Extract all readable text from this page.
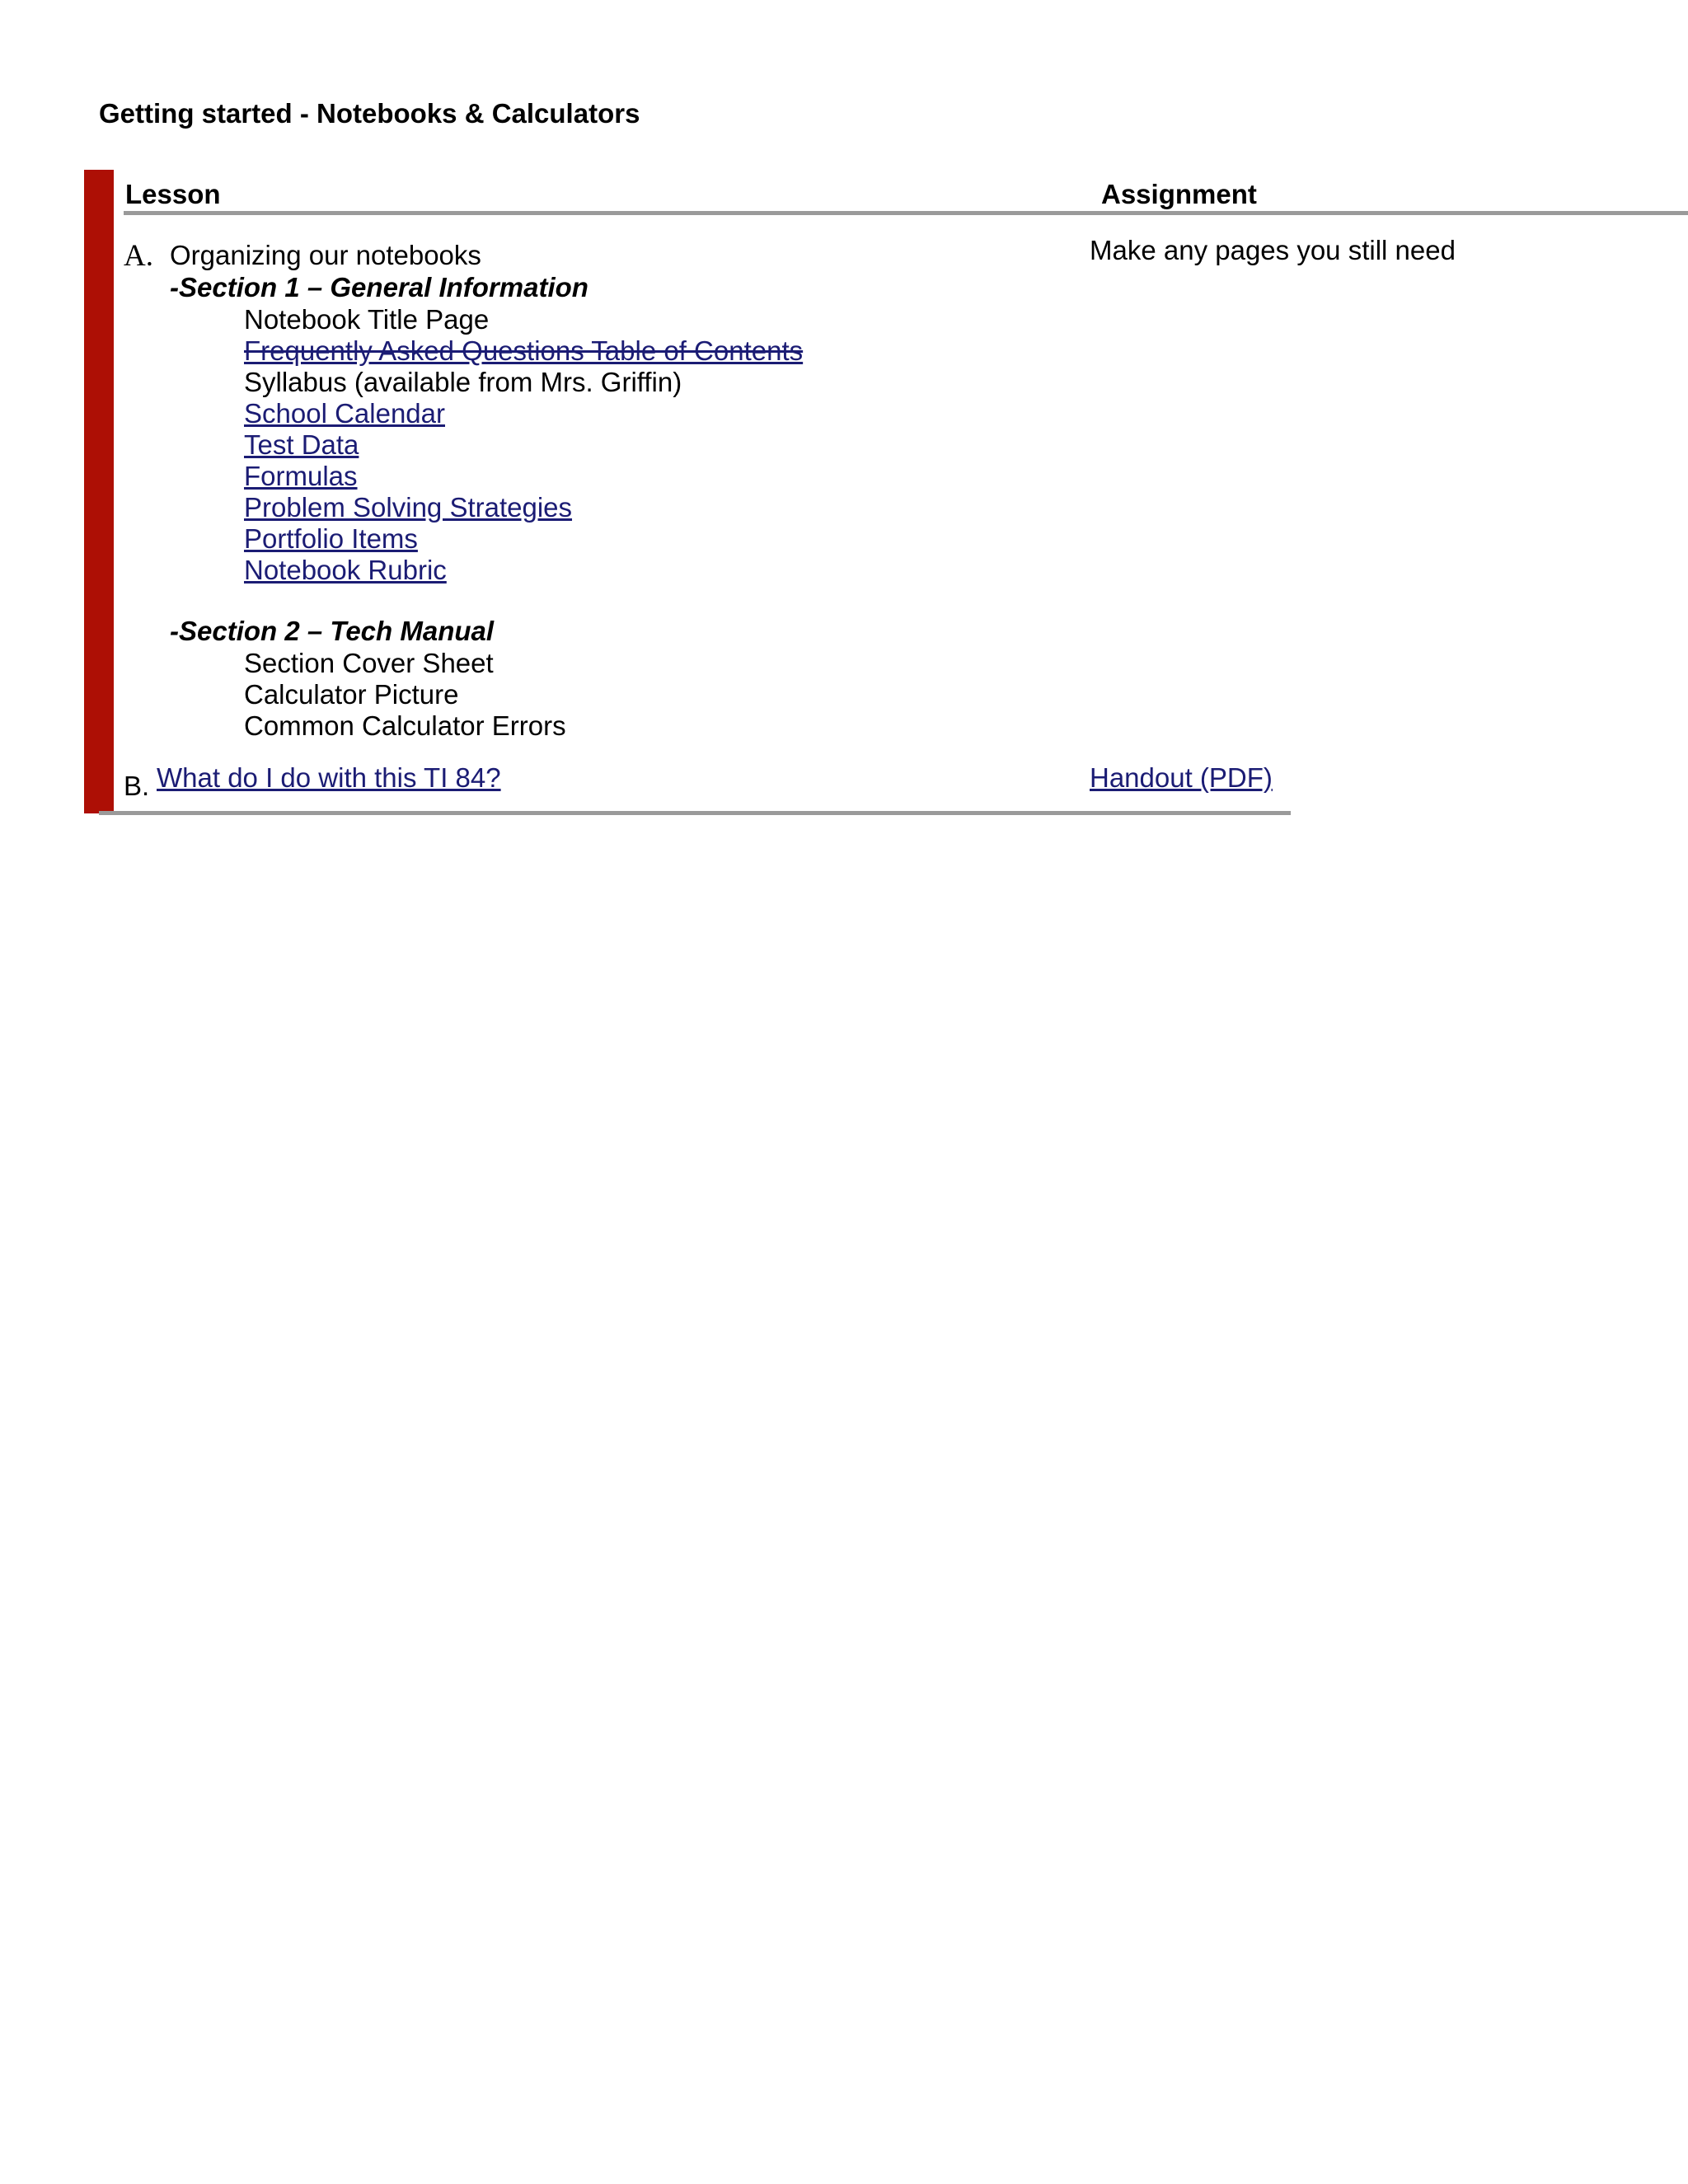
Getting started - Notebooks & Calculators
Lesson	Assignment
A. Organizing our notebooks	Make any pages you still need
-Section 1 – General Information
Notebook Title Page
Frequently Asked Questions Table of Contents
Syllabus (available from Mrs. Griffin)
School Calendar
Test Data
Formulas
Problem Solving Strategies
Portfolio Items
Notebook Rubric
-Section 2 – Tech Manual
Section Cover Sheet
Calculator Picture
Common Calculator Errors
B. What do I do with this TI 84?	Handout (PDF)
